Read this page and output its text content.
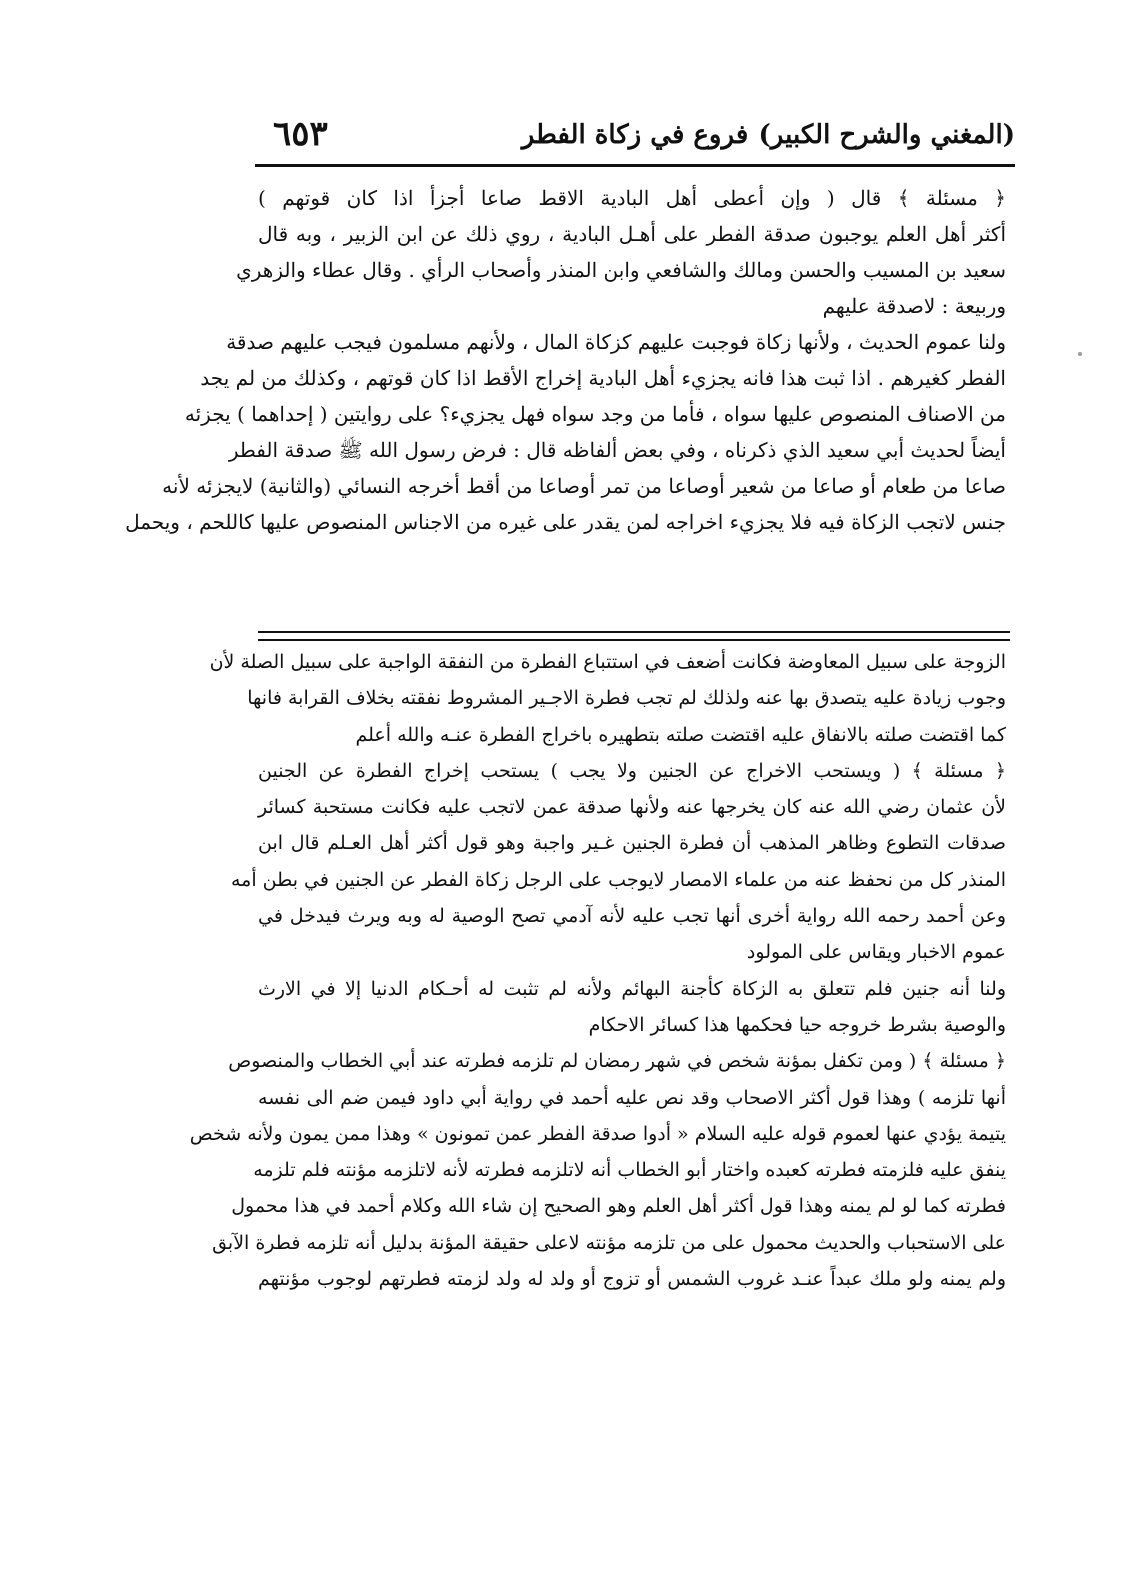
(المغني والشرح الكبير)
فروع في زكاة الفطر
٦٥٣
﴿ مسئلة ﴾ قال ( وإن أعطى أهل البادية الاقط صاعا أجزأ اذا كان قوتهم )
أكثر أهل العلم يوجبون صدقة الفطر على أهـل البادية ، روي ذلك عن ابن الزبير ، وبه قال
سعيد بن المسيب والحسن ومالك والشافعي وابن المنذر وأصحاب الرأي . وقال عطاء والزهري
وربيعة : لاصدقة عليهم
ولنا عموم الحديث ، ولأنها زكاة فوجبت عليهم كزكاة المال ، ولأنهم مسلمون فيجب عليهم صدقة
الفطر كغيرهم . اذا ثبت هذا فانه يجزيء أهل البادية إخراج الأقط اذا كان قوتهم ، وكذلك من لم يجد
من الاصناف المنصوص عليها سواه ، فأما من وجد سواه فهل يجزيء؟ على روايتين ( إحداهما ) يجزئه
أيضاً لحديث أبي سعيد الذي ذكرناه ، وفي بعض ألفاظه قال : فرض رسول الله ﷺ صدقة الفطر
صاعا من طعام أو صاعا من شعير أوصاعا من تمر أوصاعا من أقط أخرجه النسائي (والثانية) لايجزئه لأنه
جنس لاتجب الزكاة فيه فلا يجزيء اخراجه لمن يقدر على غيره من الاجناس المنصوص عليها كاللحم ، ويحمل
الزوجة على سبيل المعاوضة فكانت أضعف في استتباع الفطرة من النفقة الواجبة على سبيل الصلة لأن
وجوب زيادة عليه يتصدق بها عنه ولذلك لم تجب فطرة الاجـير المشروط نفقته بخلاف القرابة فانها
كما اقتضت صلته بالانفاق عليه اقتضت صلته بتطهيره باخراج الفطرة عنـه والله أعلم
﴿ مسئلة ﴾ ( ويستحب الاخراج عن الجنين ولا يجب ) يستحب إخراج الفطرة عن الجنين
لأن عثمان رضي الله عنه كان يخرجها عنه ولأنها صدقة عمن لاتجب عليه فكانت مستحبة كسائر
صدقات التطوع وظاهر المذهب أن فطرة الجنين غـير واجبة وهو قول أكثر أهل العـلم قال ابن
المنذر كل من نحفظ عنه من علماء الامصار لايوجب على الرجل زكاة الفطر عن الجنين في بطن أمه
وعن أحمد رحمه الله رواية أخرى أنها تجب عليه لأنه آدمي تصح الوصية له وبه ويرث فيدخل في
عموم الاخبار ويقاس على المولود
ولنا أنه جنين فلم تتعلق به الزكاة كأجنة البهائم ولأنه لم تثبت له أحـكام الدنيا إلا في الارث
والوصية بشرط خروجه حيا فحكمها هذا كسائر الاحكام
﴿ مسئلة ﴾ ( ومن تكفل بمؤنة شخص في شهر رمضان لم تلزمه فطرته عند أبي الخطاب والمنصوص
أنها تلزمه ) وهذا قول أكثر الاصحاب وقد نص عليه أحمد في رواية أبي داود فيمن ضم الى نفسه
يتيمة يؤدي عنها لعموم قوله عليه السلام « أدوا صدقة الفطر عمن تمونون » وهذا ممن يمون ولأنه شخص
ينفق عليه فلزمته فطرته كعبده واختار أبو الخطاب أنه لاتلزمه فطرته لأنه لاتلزمه مؤنته فلم تلزمه
فطرته كما لو لم يمنه وهذا قول أكثر أهل العلم وهو الصحيح إن شاء الله وكلام أحمد في هذا محمول
على الاستحباب والحديث محمول على من تلزمه مؤنته لاعلى حقيقة المؤنة بدليل أنه تلزمه فطرة الآبق
ولم يمنه ولو ملك عبداً عنـد غروب الشمس أو تزوج أو ولد له ولد لزمته فطرتهم لوجوب مؤنتهم
